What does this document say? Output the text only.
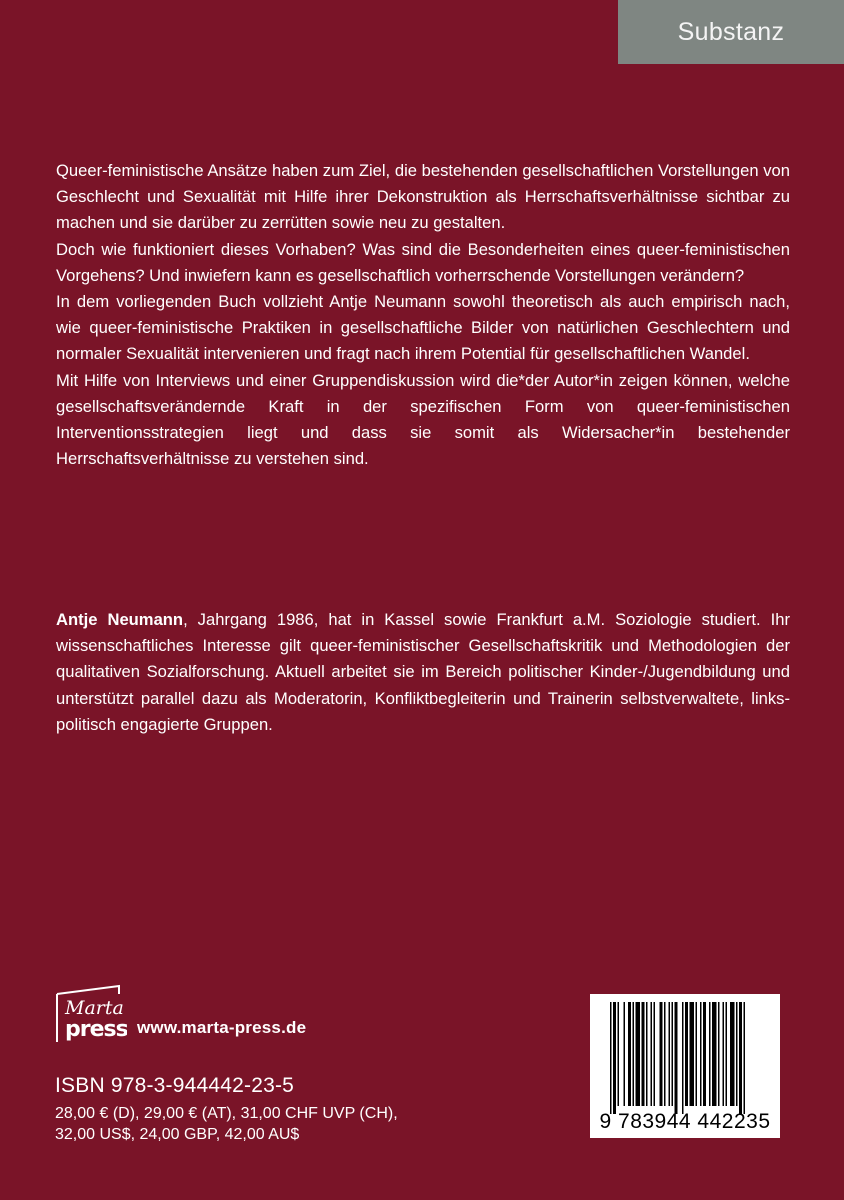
Substanz

Queer-feministische Ansätze haben zum Ziel, die bestehenden gesellschaftlichen Vorstellungen von Geschlecht und Sexualität mit Hilfe ihrer Dekonstruktion als Herrschaftsverhältnisse sichtbar zu machen und sie darüber zu zerrütten sowie neu zu gestalten.

Doch wie funktioniert dieses Vorhaben? Was sind die Besonderheiten eines queer-feministischen Vorgehens? Und inwiefern kann es gesellschaftlich vorherrschende Vorstellungen verändern?

In dem vorliegenden Buch vollzieht Antje Neumann sowohl theoretisch als auch empirisch nach, wie queer-feministische Praktiken in gesellschaftliche Bilder von natürlichen Geschlechtern und normaler Sexualität intervenieren und fragt nach ihrem Potential für gesellschaftlichen Wandel.

Mit Hilfe von Interviews und einer Gruppendiskussion wird die*der Autor*in zeigen können, welche gesellschaftsverändernde Kraft in der spezifischen Form von queer-feministischen Interventionsstrategien liegt und dass sie somit als Widersacher*in bestehender Herrschaftsverhältnisse zu verstehen sind.

Antje Neumann, Jahrgang 1986, hat in Kassel sowie Frankfurt a.M. Soziologie studiert. Ihr wissenschaftliches Interesse gilt queer-feministischer Gesellschaftskritik und Methodologien der qualitativen Sozialforschung. Aktuell arbeitet sie im Bereich politischer Kinder-/Jugendbildung und unterstützt parallel dazu als Moderatorin, Konfliktbegleiterin und Trainerin selbstverwaltete, links-politisch engagierte Gruppen.

Marta
press www.marta-press.de
ISBN 978-3-944442-23-5
28,00 € (D), 29,00 € (AT), 31,00 CHF UVP (CH),
32,00 US$, 24,00 GBP, 42,00 AU$
9 783944 442235
